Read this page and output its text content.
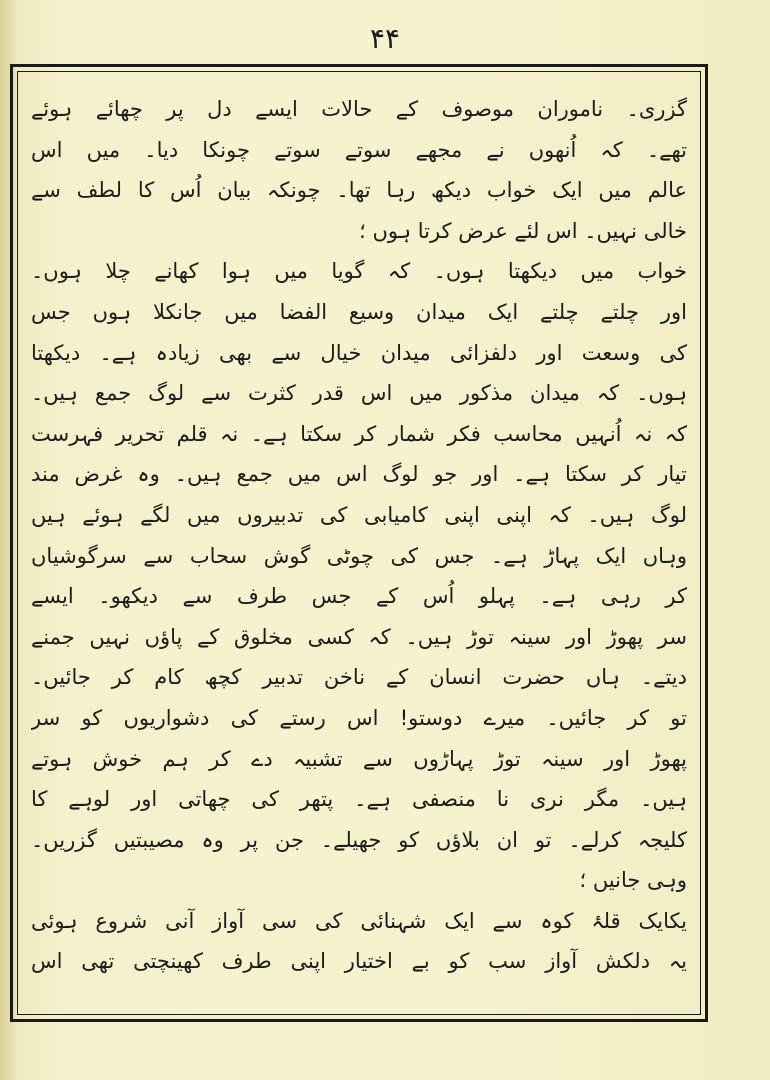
۴۴
گزری۔ ناموران موصوف کے حالات ایسے دل پر چھائے ہوئے
تھے۔ کہ اُنھوں نے مجھے سوتے سوتے چونکا دیا۔ میں اس
عالم میں ایک خواب دیکھ رہا تھا۔ چونکہ بیان اُس کا لطف سے
خالی نہیں۔ اس لئے عرض کرتا ہوں ؛
خواب میں دیکھتا ہوں۔ کہ گویا میں ہوا کھانے چلا ہوں۔
اور چلتے چلتے ایک میدان وسیع الفضا میں جانکلا ہوں جس
کی وسعت اور دلفزائی میدان خیال سے بھی زیادہ ہے۔ دیکھتا
ہوں۔ کہ میدان مذکور میں اس قدر کثرت سے لوگ جمع ہیں۔
کہ نہ اُنہیں محاسب فکر شمار کر سکتا ہے۔ نہ قلم تحریر فہرست
تیار کر سکتا ہے۔ اور جو لوگ اس میں جمع ہیں۔ وہ غرض مند
لوگ ہیں۔ کہ اپنی اپنی کامیابی کی تدبیروں میں لگے ہوئے ہیں
وہاں ایک پہاڑ ہے۔ جس کی چوٹی گوش سحاب سے سرگوشیاں
کر رہی ہے۔ پہلو اُس کے جس طرف سے دیکھو۔ ایسے
سر پھوڑ اور سینہ توڑ ہیں۔ کہ کسی مخلوق کے پاؤں نہیں جمنے
دیتے۔ ہاں حضرت انسان کے ناخن تدبیر کچھ کام کر جائیں۔
تو کر جائیں۔ میرے دوستو! اس رستے کی دشواریوں کو سر
پھوڑ اور سینہ توڑ پہاڑوں سے تشبیہ دے کر ہم خوش ہوتے
ہیں۔ مگر نری نا منصفی ہے۔ پتھر کی چھاتی اور لوہے کا
کلیجہ کرلے۔ تو ان بلاؤں کو جھیلے۔ جن پر وہ مصیبتیں گزریں۔
وہی جانیں ؛
یکایک قلۂ کوہ سے ایک شہنائی کی سی آواز آنی شروع ہوئی
یہ دلکش آواز سب کو بے اختیار اپنی طرف کھینچتی تھی اس
